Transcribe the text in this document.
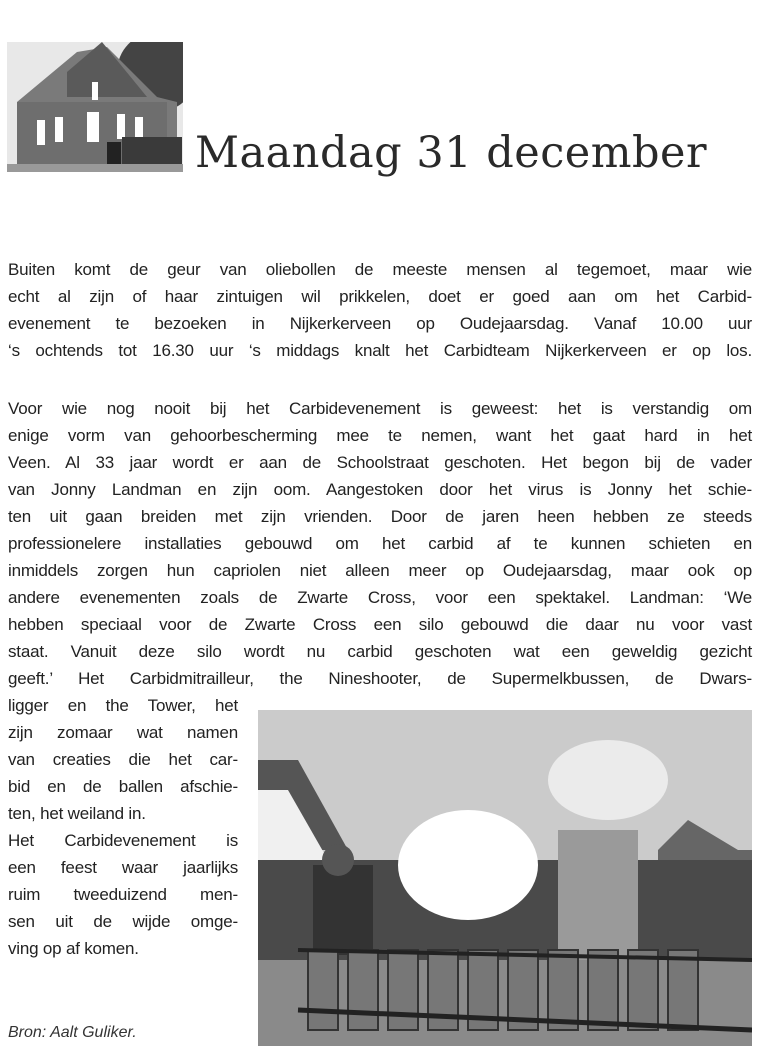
Maandag 31 december
Buiten komt de geur van oliebollen de meeste mensen al tegemoet, maar wie
echt al zijn of haar zintuigen wil prikkelen, doet er goed aan om het Carbid-
evenement te bezoeken in Nijkerkerveen op Oudejaarsdag. Vanaf 10.00 uur
‘s ochtends tot 16.30 uur ‘s middags knalt het Carbidteam Nijkerkerveen er op los.
Voor wie nog nooit bij het Carbidevenement is geweest: het is verstandig om
enige vorm van gehoorbescherming mee te nemen, want het gaat hard in het
Veen. Al 33 jaar wordt er aan de Schoolstraat geschoten. Het begon bij de vader
van Jonny Landman en zijn oom. Aangestoken door het virus is Jonny het schie-
ten uit gaan breiden met zijn vrienden. Door de jaren heen hebben ze steeds
professionelere installaties gebouwd om het carbid af te kunnen schieten en
inmiddels zorgen hun capriolen niet alleen meer op Oudejaarsdag, maar ook op
andere evenementen zoals de Zwarte Cross, voor een spektakel. Landman: ‘We
hebben speciaal voor de Zwarte Cross een silo gebouwd die daar nu voor vast
staat. Vanuit deze silo wordt nu carbid geschoten wat een geweldig gezicht
geeft.’ Het Carbidmitrailleur, the Nineshooter, de Supermelkbussen, de Dwars-
ligger en the Tower, het
zijn zomaar wat namen
van creaties die het car-
bid en de ballen afschie-
ten, het weiland in.
Het Carbidevenement is
een feest waar jaarlijks
ruim tweeduizend men-
sen uit de wijde omge-
ving op af komen.
Bron: Aalt Guliker.
